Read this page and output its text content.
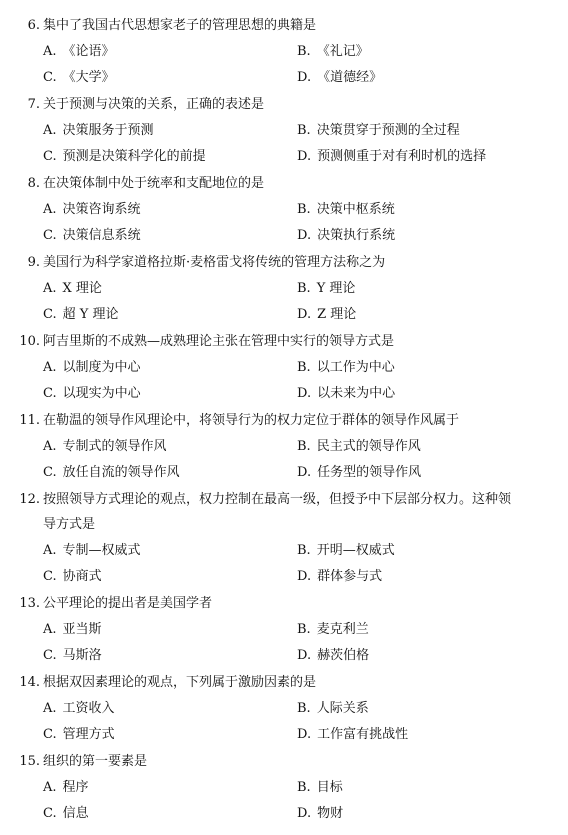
6. 集中了我国古代思想家老子的管理思想的典籍是
A. 《论语》	B. 《礼记》
C. 《大学》	D. 《道德经》
7. 关于预测与决策的关系，正确的表述是
A. 决策服务于预测	B. 决策贯穿于预测的全过程
C. 预测是决策科学化的前提	D. 预测侧重于对有利时机的选择
8. 在决策体制中处于统率和支配地位的是
A. 决策咨询系统	B. 决策中枢系统
C. 决策信息系统	D. 决策执行系统
9. 美国行为科学家道格拉斯·麦格雷戈将传统的管理方法称之为
A. X 理论	B. Y 理论
C. 超 Y 理论	D. Z 理论
10. 阿吉里斯的不成熟—成熟理论主张在管理中实行的领导方式是
A. 以制度为中心	B. 以工作为中心
C. 以现实为中心	D. 以未来为中心
11. 在勒温的领导作风理论中，将领导行为的权力定位于群体的领导作风属于
A. 专制式的领导作风	B. 民主式的领导作风
C. 放任自流的领导作风	D. 任务型的领导作风
12. 按照领导方式理论的观点，权力控制在最高一级，但授予中下层部分权力。这种领
导方式是
A. 专制—权威式	B. 开明—权威式
C. 协商式	D. 群体参与式
13. 公平理论的提出者是美国学者
A. 亚当斯	B. 麦克利兰
C. 马斯洛	D. 赫茨伯格
14. 根据双因素理论的观点，下列属于激励因素的是
A. 工资收入	B. 人际关系
C. 管理方式	D. 工作富有挑战性
15. 组织的第一要素是
A. 程序	B. 目标
C. 信息	D. 物财
